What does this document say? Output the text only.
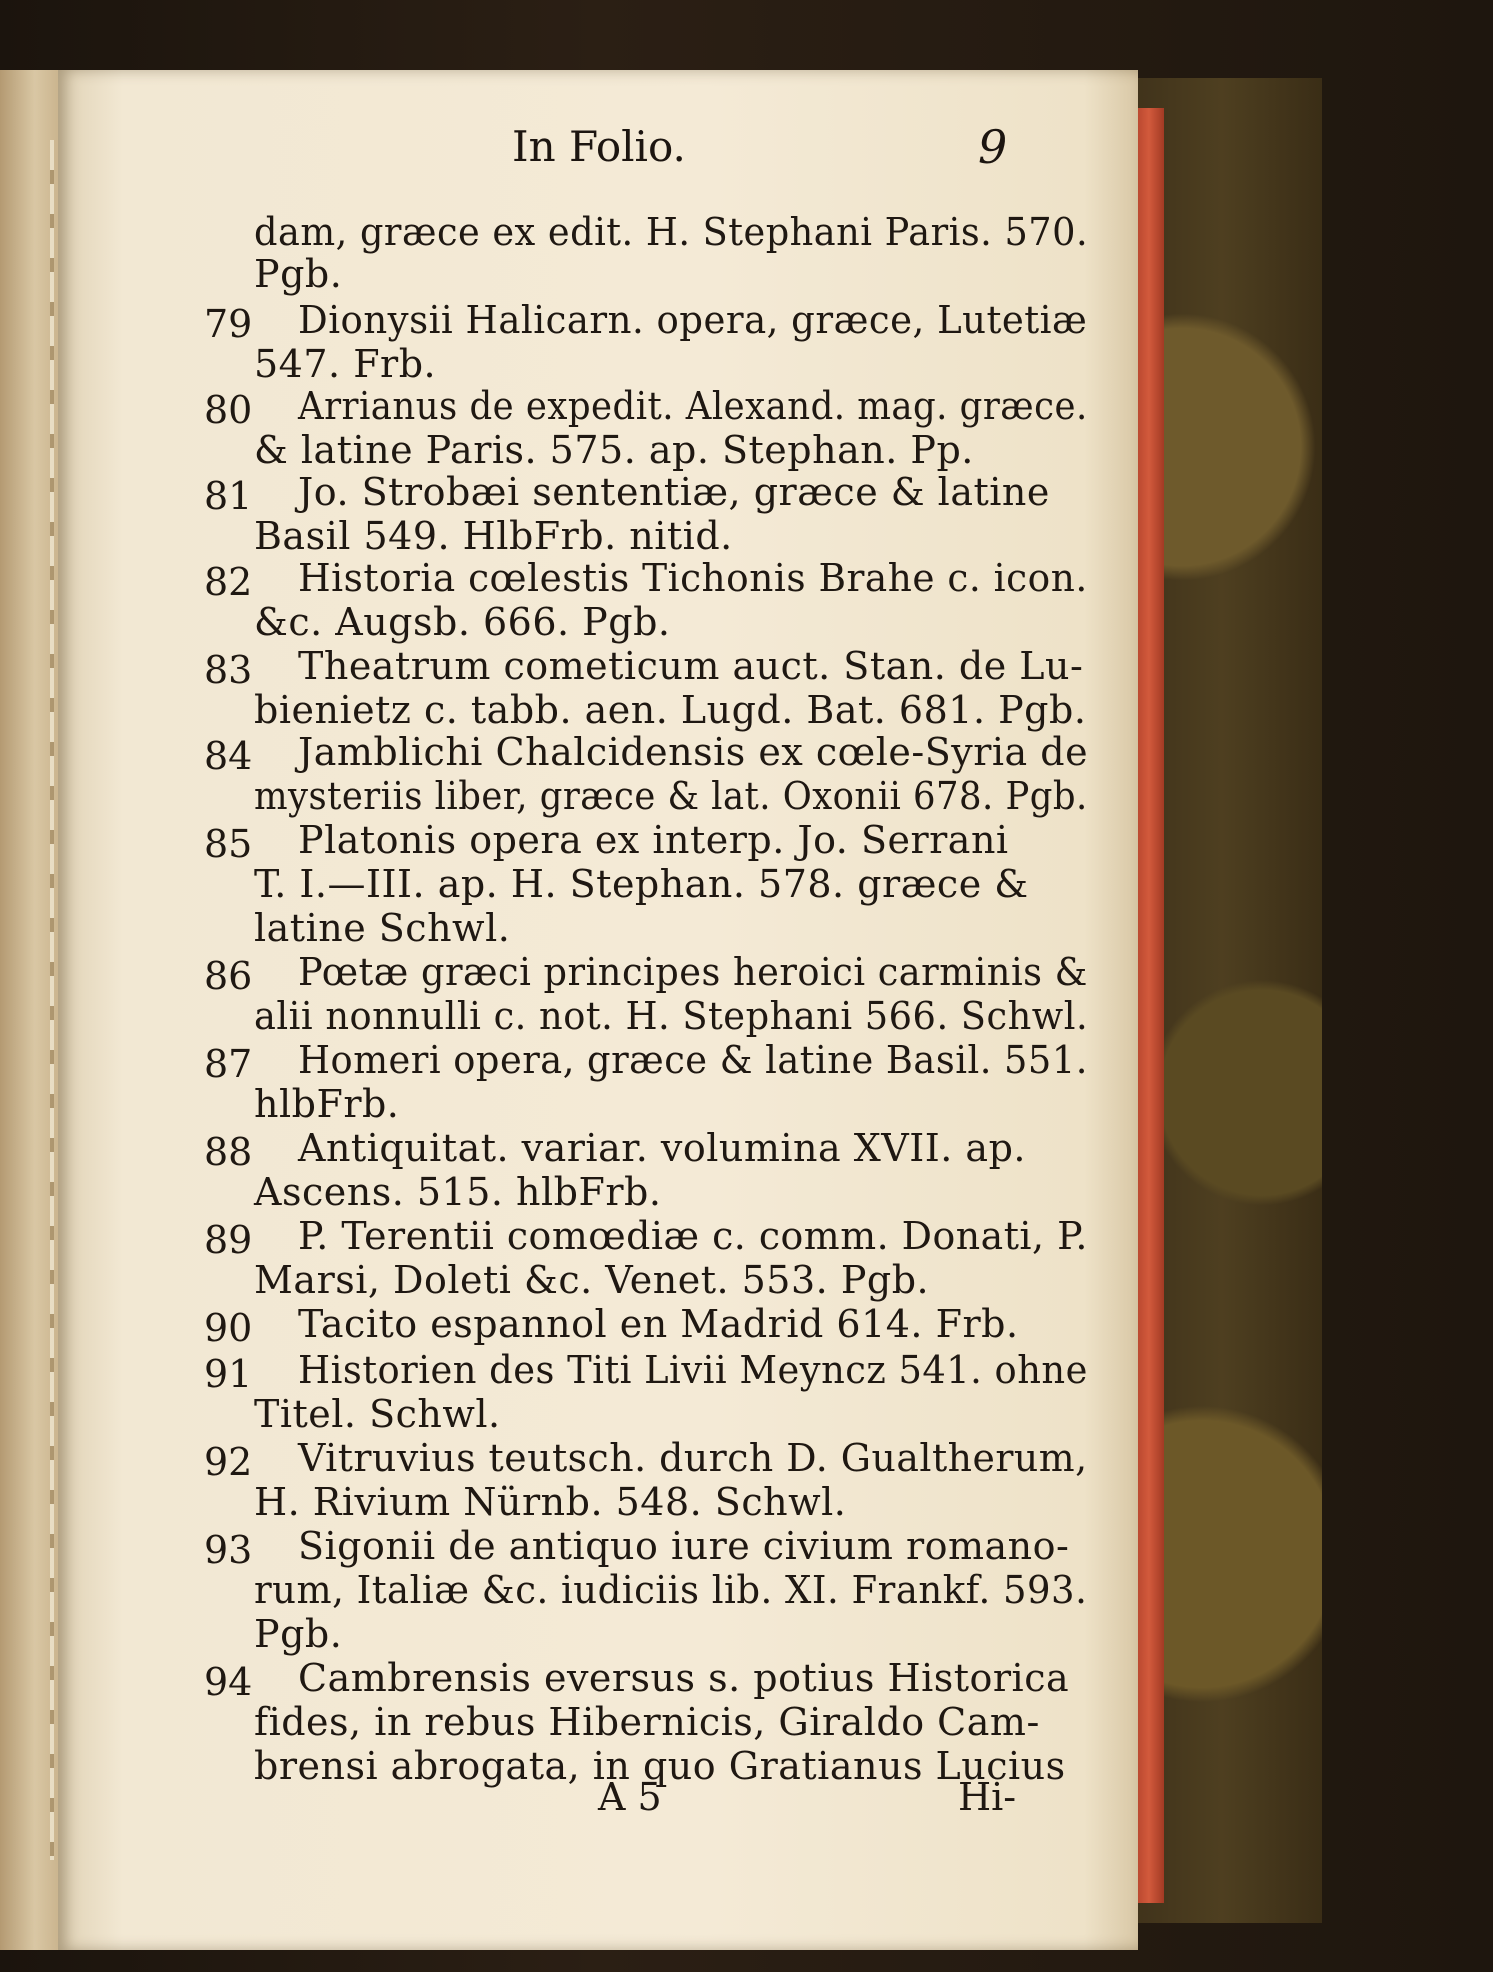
In Folio.	9
dam, græce ex edit. H. Stephani Paris. 570.
Pgb.
79 Dionysii Halicarn. opera, græce, Lutetiæ
547. Frb.
80 Arrianus de expedit. Alexand. mag. græce.
& latine Paris. 575. ap. Stephan. Pp.
81 Jo. Strobæi sententiæ, græce & latine
Basil 549. HlbFrb. nitid.
82 Historia cœlestis Tichonis Brahe c. icon.
&c. Augsb. 666. Pgb.
83 Theatrum cometicum auct. Stan. de Lu-
bienietz c. tabb. aen. Lugd. Bat. 681. Pgb.
84 Jamblichi Chalcidensis ex cœle-Syria de
mysteriis liber, græce & lat. Oxonii 678. Pgb.
85 Platonis opera ex interp. Jo. Serrani
T. I.—III. ap. H. Stephan. 578. græce &
latine Schwl.
86 Pœtæ græci principes heroici carminis &
alii nonnulli c. not. H. Stephani 566. Schwl.
87 Homeri opera, græce & latine Basil. 551.
hlbFrb.
88 Antiquitat. variar. volumina XVII. ap.
Ascens. 515. hlbFrb.
89 P. Terentii comœdiæ c. comm. Donati, P.
Marsi, Doleti &c. Venet. 553. Pgb.
90 Tacito espannol en Madrid 614. Frb.
91 Historien des Titi Livii Meyncz 541. ohne
Titel. Schwl.
92 Vitruvius teutsch. durch D. Gualtherum,
H. Rivium Nürnb. 548. Schwl.
93 Sigonii de antiquo iure civium romano-
rum, Italiæ &c. iudiciis lib. XI. Frankf. 593.
Pgb.
94 Cambrensis eversus s. potius Historica
fides, in rebus Hibernicis, Giraldo Cam-
brensi abrogata, in quo Gratianus Lucius
A 5	Hi-
